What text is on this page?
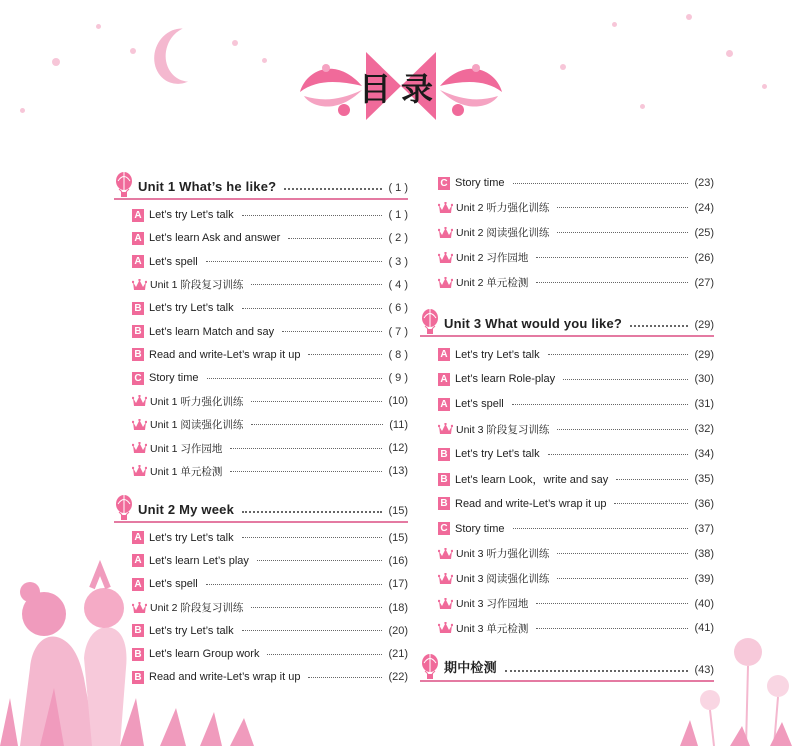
目录
Unit 1 What’s he like?	( 1 )
A Let’s try Let’s talk	( 1 )
A Let’s learn Ask and answer	( 2 )
A Let’s spell	( 3 )
Unit 1 阶段复习训练	( 4 )
B Let’s try Let’s talk	( 6 )
B Let’s learn Match and say	( 7 )
B Read and write-Let’s wrap it up	( 8 )
C Story time	( 9 )
Unit 1 听力强化训练	(10)
Unit 1 阅读强化训练	(11)
Unit 1 习作园地	(12)
Unit 1 单元检测	(13)
Unit 2 My week	(15)
A Let’s try Let’s talk	(15)
A Let’s learn Let’s play	(16)
A Let’s spell	(17)
Unit 2 阶段复习训练	(18)
B Let’s try Let’s talk	(20)
B Let’s learn Group work	(21)
B Read and write-Let’s wrap it up	(22)
C Story time	(23)
Unit 2 听力强化训练	(24)
Unit 2 阅读强化训练	(25)
Unit 2 习作园地	(26)
Unit 2 单元检测	(27)
Unit 3 What would you like?	(29)
A Let’s try Let’s talk	(29)
A Let’s learn Role-play	(30)
A Let’s spell	(31)
Unit 3 阶段复习训练	(32)
B Let’s try Let’s talk	(34)
B Let’s learn Look，write and say	(35)
B Read and write-Let’s wrap it up	(36)
C Story time	(37)
Unit 3 听力强化训练	(38)
Unit 3 阅读强化训练	(39)
Unit 3 习作园地	(40)
Unit 3 单元检测	(41)
期中检测	(43)
